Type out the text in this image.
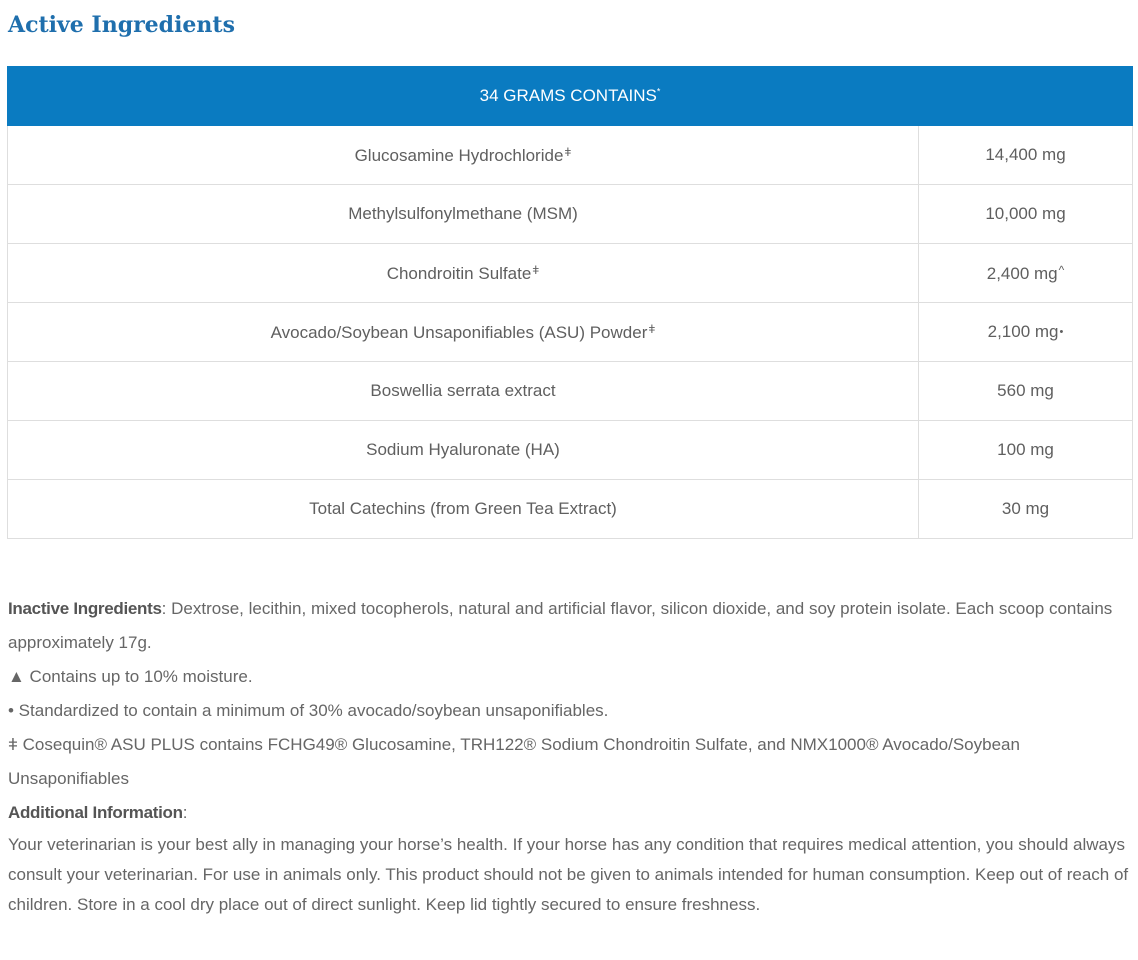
Active Ingredients
34 GRAMS CONTAINS*
Glucosamine Hydrochloride$^ǂ$	14,400 mg
Methylsulfonylmethane (MSM)	10,000 mg
Chondroitin Sulfate$^ǂ$	2,400 mg^
Avocado/Soybean Unsaponifiables (ASU) Powder$^ǂ$	2,100 mg•
Boswellia serrata extract	560 mg
Sodium Hyaluronate (HA)	100 mg
Total Catechins (from Green Tea Extract)	30 mg

Inactive Ingredients: Dextrose, lecithin, mixed tocopherols, natural and artificial flavor, silicon dioxide, and soy protein isolate. Each scoop contains approximately 17g.

▲ Contains up to 10% moisture.

• Standardized to contain a minimum of 30% avocado/soybean unsaponifiables.

ǂ Cosequin® ASU PLUS contains FCHG49® Glucosamine, TRH122® Sodium Chondroitin Sulfate, and NMX1000® Avocado/Soybean Unsaponifiables

Additional Information:

Your veterinarian is your best ally in managing your horse’s health. If your horse has any condition that requires medical attention, you should always consult your veterinarian. For use in animals only. This product should not be given to animals intended for human consumption. Keep out of reach of children. Store in a cool dry place out of direct sunlight. Keep lid tightly secured to ensure freshness.
